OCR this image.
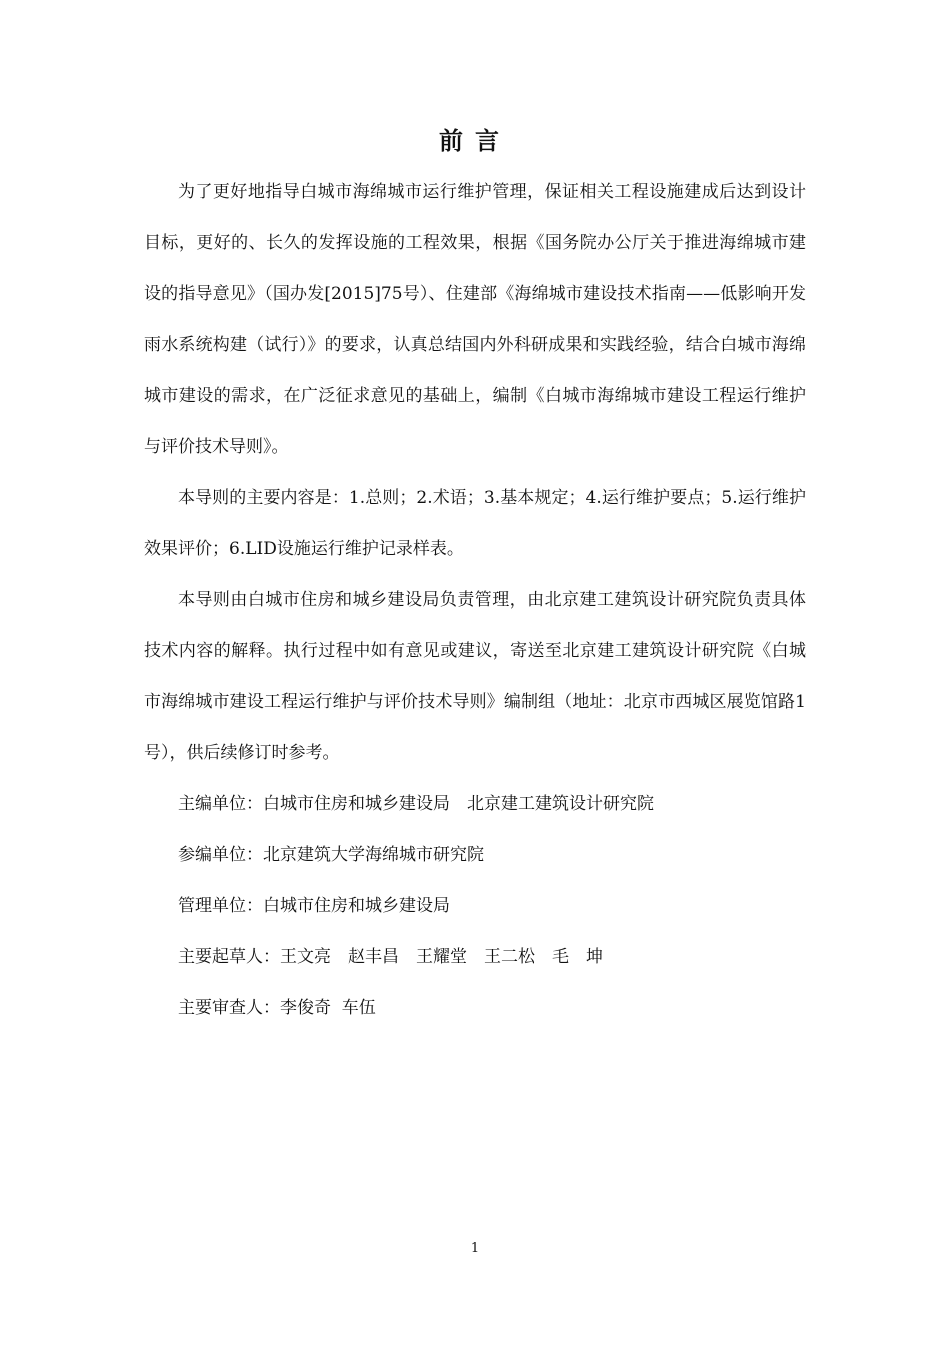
前言

为了更好地指导白城市海绵城市运行维护管理，保证相关工程设施建成后达到设计目标，更好的、长久的发挥设施的工程效果，根据《国务院办公厅关于推进海绵城市建设的指导意见》（国办发[2015]75号）、住建部《海绵城市建设技术指南——低影响开发雨水系统构建（试行）》的要求，认真总结国内外科研成果和实践经验，结合白城市海绵城市建设的需求，在广泛征求意见的基础上，编制《白城市海绵城市建设工程运行维护与评价技术导则》。

本导则的主要内容是：1.总则；2.术语；3.基本规定；4.运行维护要点；5.运行维护效果评价；6.LID设施运行维护记录样表。

本导则由白城市住房和城乡建设局负责管理，由北京建工建筑设计研究院负责具体技术内容的解释。执行过程中如有意见或建议，寄送至北京建工建筑设计研究院《白城市海绵城市建设工程运行维护与评价技术导则》编制组（地址：北京市西城区展览馆路1号），供后续修订时参考。

主编单位：白城市住房和城乡建设局　北京建工建筑设计研究院

参编单位：北京建筑大学海绵城市研究院

管理单位：白城市住房和城乡建设局

主要起草人：王文亮　赵丰昌　王耀堂　王二松　毛　坤

主要审查人：李俊奇  车伍

1
